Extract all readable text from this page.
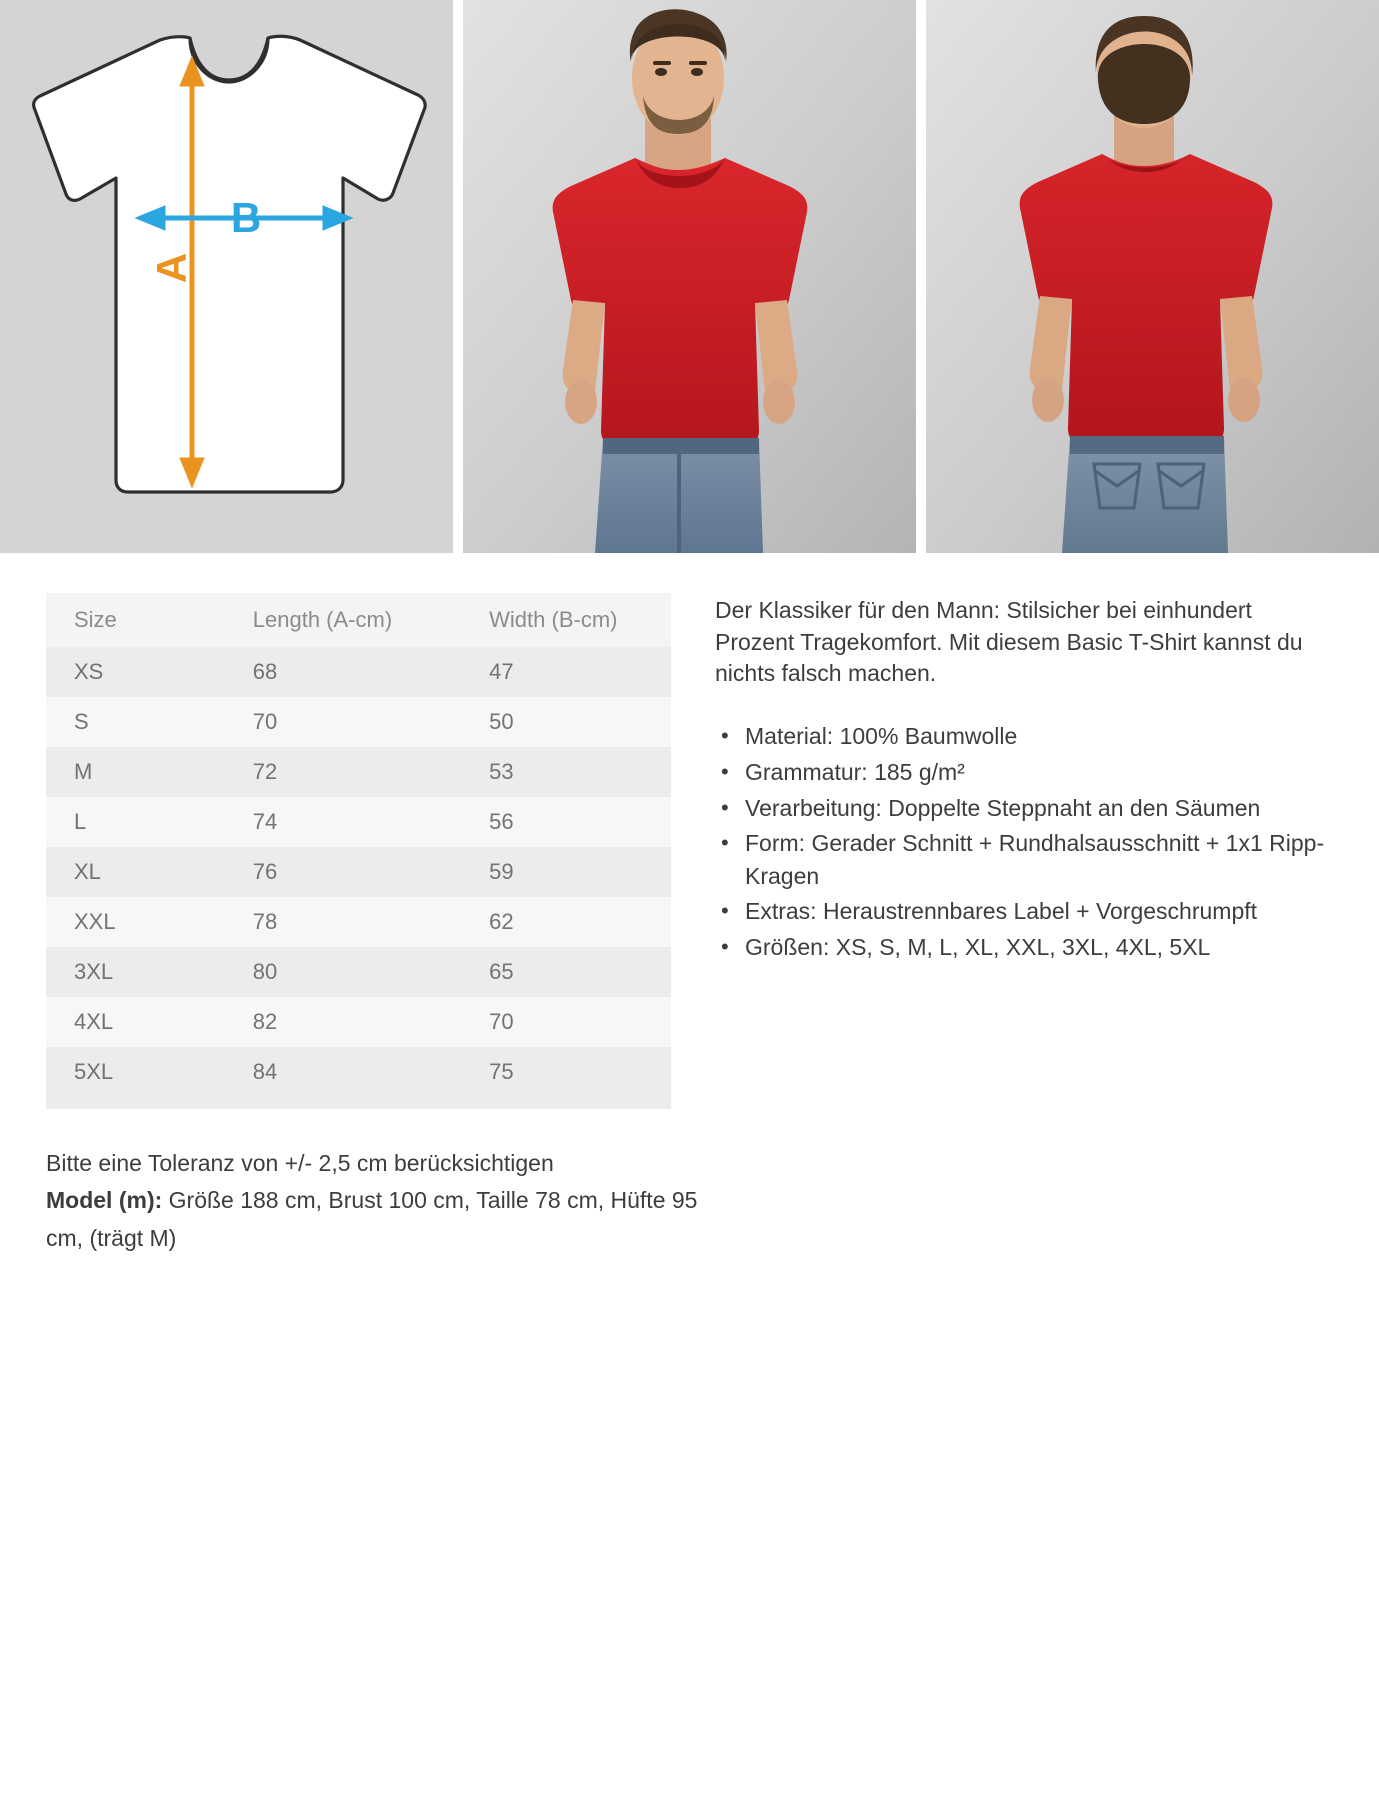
A
B
Size	Length (A-cm)	Width (B-cm)
XS	68	47
S	70	50
M	72	53
L	74	56
XL	76	59
XXL	78	62
3XL	80	65
4XL	82	70
5XL	84	75

Der Klassiker für den Mann: Stilsicher bei einhundert Prozent Tragekomfort. Mit diesem Basic T-Shirt kannst du nichts falsch machen.

• Material: 100% Baumwolle
• Grammatur: 185 g/m²
• Verarbeitung: Doppelte Steppnaht an den Säumen
• Form: Gerader Schnitt + Rundhalsausschnitt + 1x1 Ripp-Kragen
• Extras: Heraustrennbares Label + Vorgeschrumpft
• Größen: XS, S, M, L, XL, XXL, 3XL, 4XL, 5XL

Bitte eine Toleranz von +/- 2,5 cm berücksichtigen
Model (m): Größe 188 cm, Brust 100 cm, Taille 78 cm, Hüfte 95 cm, (trägt M)
